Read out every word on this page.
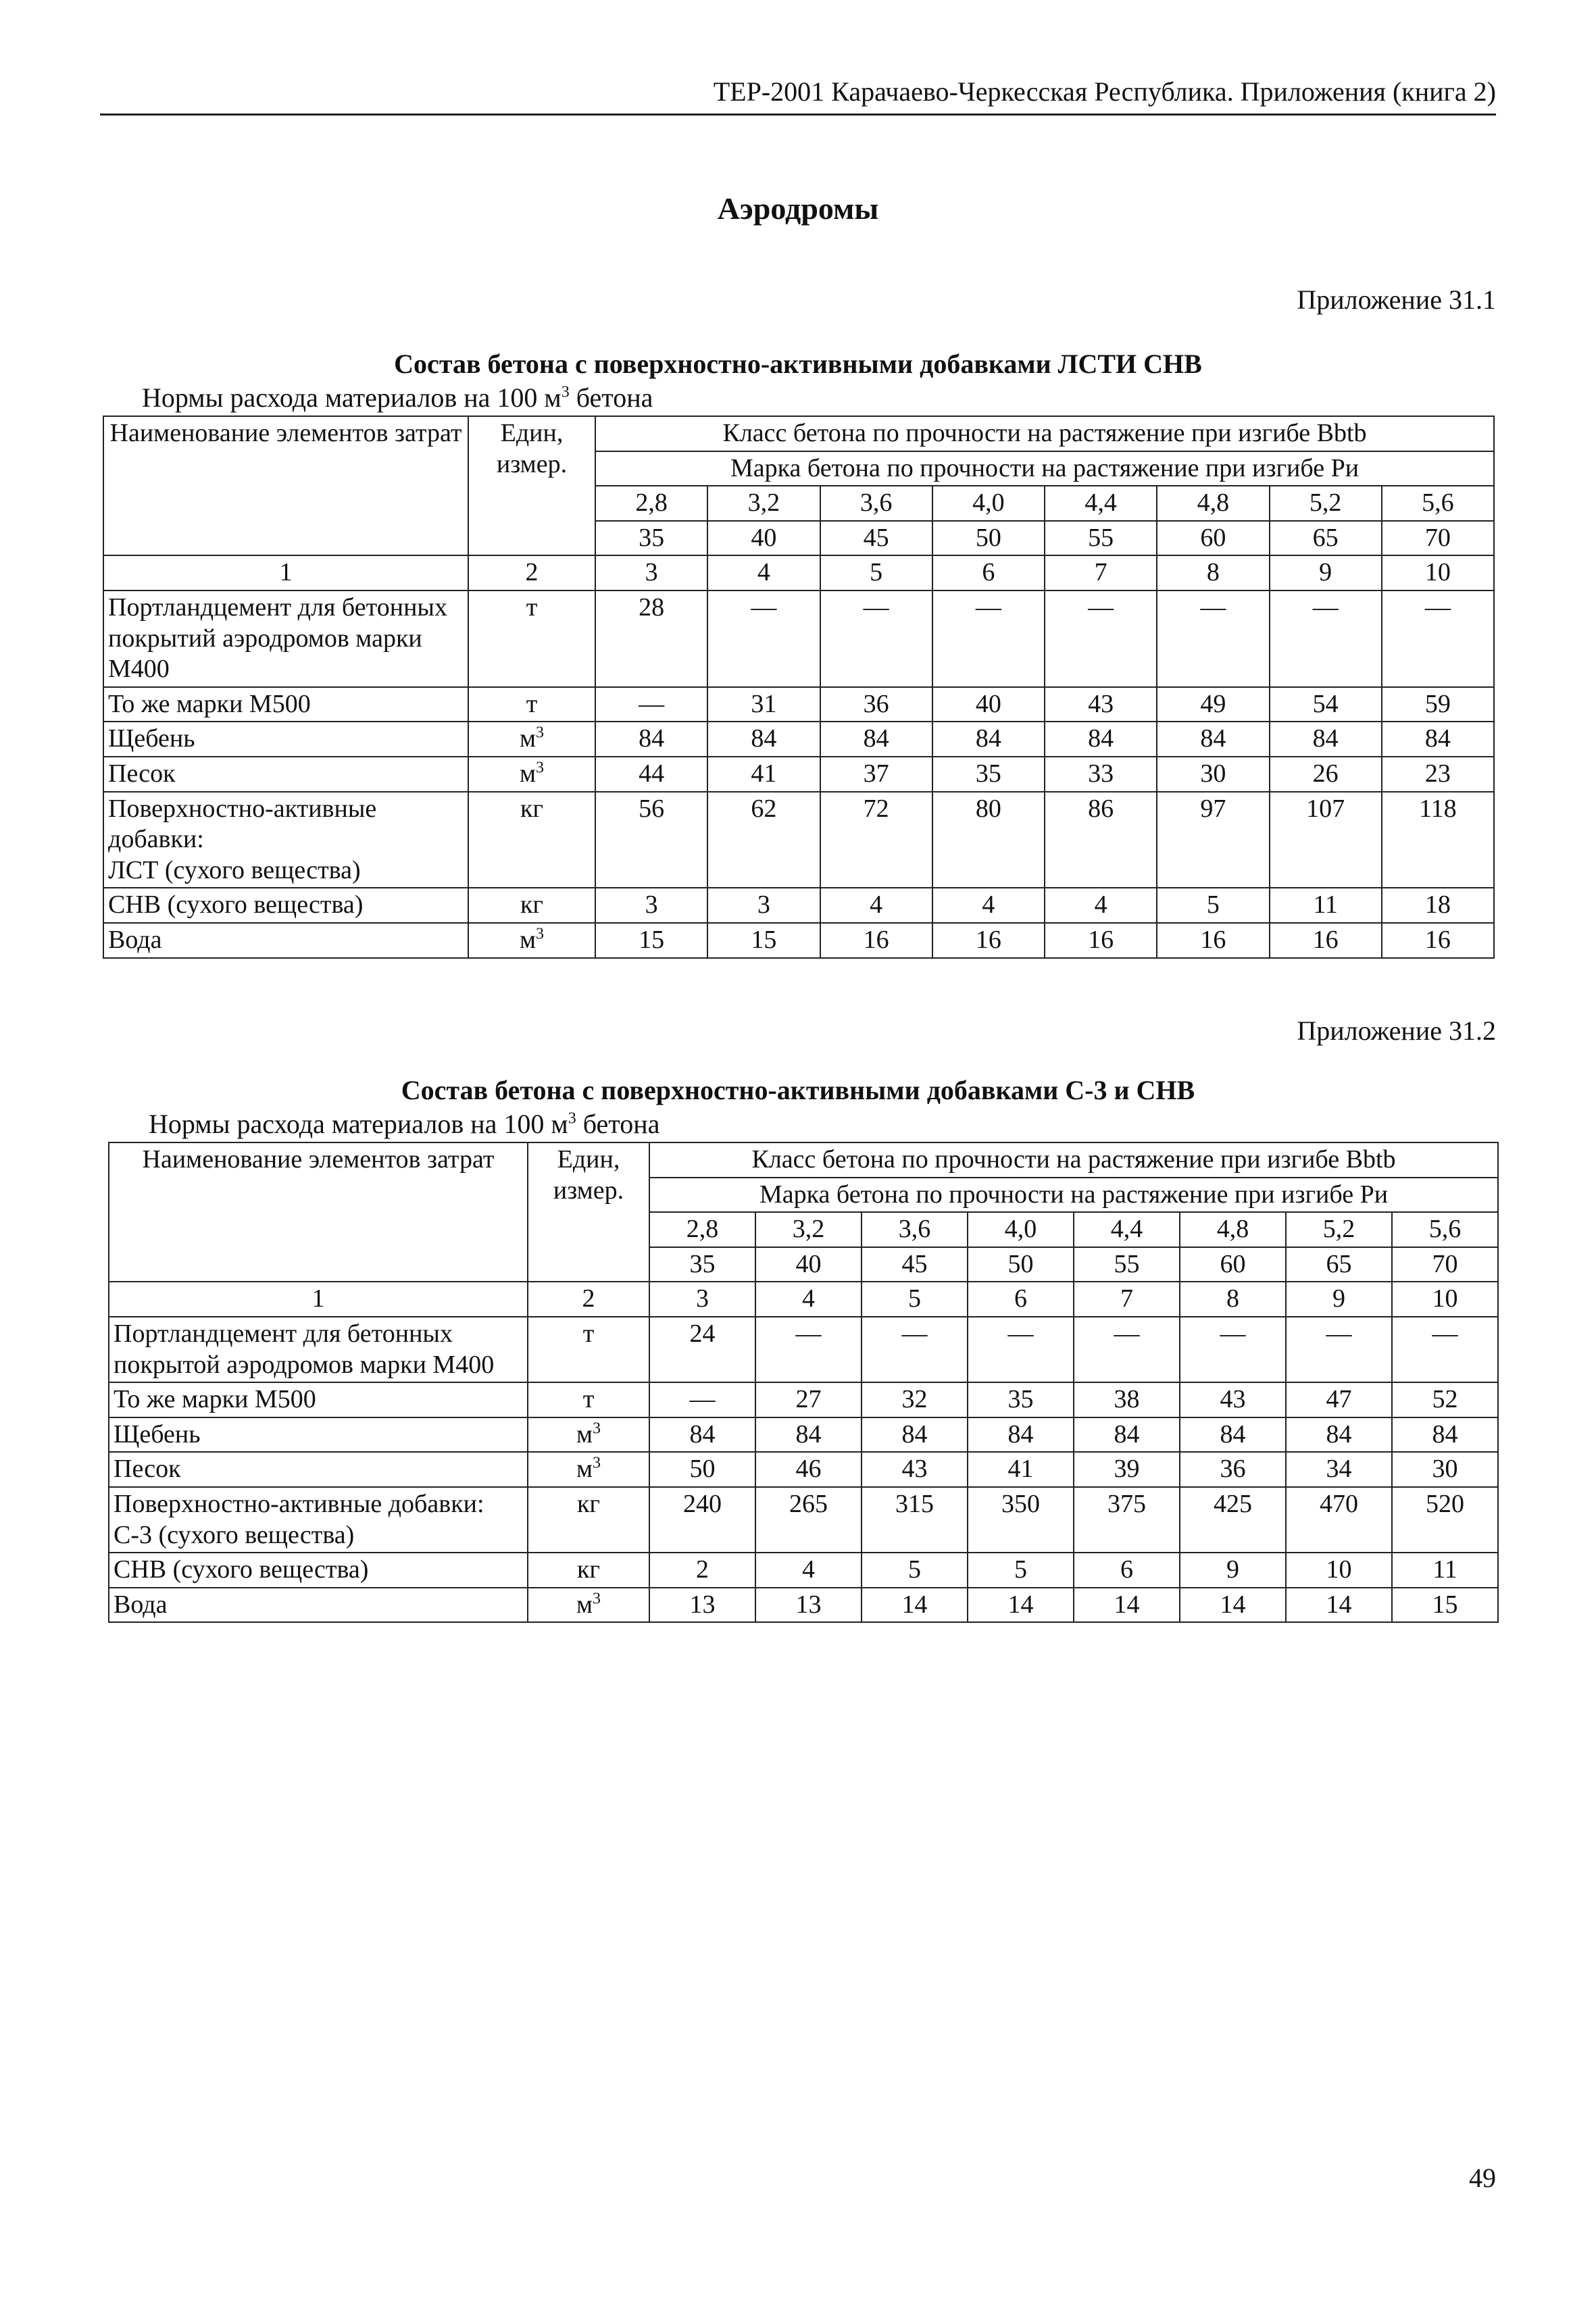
ТЕР-2001 Карачаево-Черкесская Республика. Приложения (книга 2)
Аэродромы
Приложение 31.1
Состав бетона с поверхностно-активными добавками ЛСТИ СНВ
Нормы расхода материалов на 100 $м^3$ бетона
Наименование элементов затрат	Един, измер.	Класс бетона по прочности на растяжение при изгибе Bbtb							
		Марка бетона по прочности на растяжение при изгибе Ри							
		2,8	3,2	3,6	4,0	4,4	4,8	5,2	5,6
		35	40	45	50	55	60	65	70
1	2	3	4	5	6	7	8	9	10
Портландцемент для бетонных покрытий аэродромов марки М400	т	28	—	—	—	—	—	—	—
То же марки М500	т	—	31	36	40	43	49	54	59
Щебень	$м^3$	84	84	84	84	84	84	84	84
Песок	$м^3$	44	41	37	35	33	30	26	23
Поверхностно-активные добавки:
ЛСТ (сухого вещества)	кг	56	62	72	80	86	97	107	118
СНВ (сухого вещества)	кг	3	3	4	4	4	5	11	18
Вода	$м^3$	15	15	16	16	16	16	16	16
Приложение 31.2
Состав бетона с поверхностно-активными добавками С-3 и СНВ
Нормы расхода материалов на 100 $м^3$ бетона
Наименование элементов затрат	Един, измер.	Класс бетона по прочности на растяжение при изгибе Bbtb							
		Марка бетона по прочности на растяжение при изгибе Ри							
		2,8	3,2	3,6	4,0	4,4	4,8	5,2	5,6
		35	40	45	50	55	60	65	70
1	2	3	4	5	6	7	8	9	10
Портландцемент для бетонных покрытой аэродромов марки М400	т	24	—	—	—	—	—	—	—
То же марки М500	т	—	27	32	35	38	43	47	52
Щебень	$м^3$	84	84	84	84	84	84	84	84
Песок	$м^3$	50	46	43	41	39	36	34	30
Поверхностно-активные добавки:
С-3 (сухого вещества)	кг	240	265	315	350	375	425	470	520
СНВ (сухого вещества)	кг	2	4	5	5	6	9	10	11
Вода	$м^3$	13	13	14	14	14	14	14	15
49
